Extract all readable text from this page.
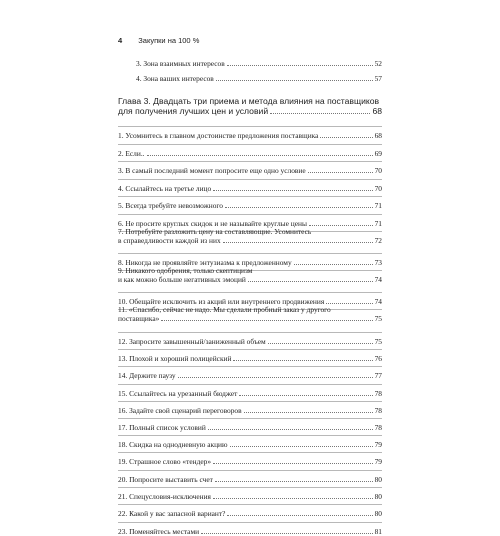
4 Закупки на 100 %
3. Зона взаимных интересов	52
4. Зона ваших интересов	57
Глава 3. Двадцать три приема и метода влияния на поставщиков
для получения лучших цен и условий	68
1. Усомнитесь в главном достоинстве предложения поставщика	68
2. Если..	69
3. В самый последний момент попросите еще одно условие	70
4. Ссылайтесь на третье лицо	70
5. Всегда требуйте невозможного	71
6. Не просите круглых скидок и не называйте круглые цены	71
7. Потребуйте разложить цену на составляющие. Усомнитесь
в справедливости каждой из них	72
8. Никогда не проявляйте энтузиазма к предложенному	73
9. Никакого одобрения, только скептицизм
и как можно больше негативных эмоций	74
10. Обещайте исключить из акций или внутреннего продвижения	74
11. «Спасибо, сейчас не надо. Мы сделали пробный заказ у другого
поставщика»	75
12. Запросите завышенный/заниженный объем	75
13. Плохой и хороший полицейский	76
14. Держите паузу	77
15. Ссылайтесь на урезанный бюджет	78
16. Задайте свой сценарий переговоров	78
17. Полный список условий	78
18. Скидка на однодневную акцию	79
19. Страшное слово «тендер»	79
20. Попросите выставить счет	80
21. Спецусловия-исключения	80
22. Какой у вас запасной вариант?	80
23. Поменяйтесь местами	81
